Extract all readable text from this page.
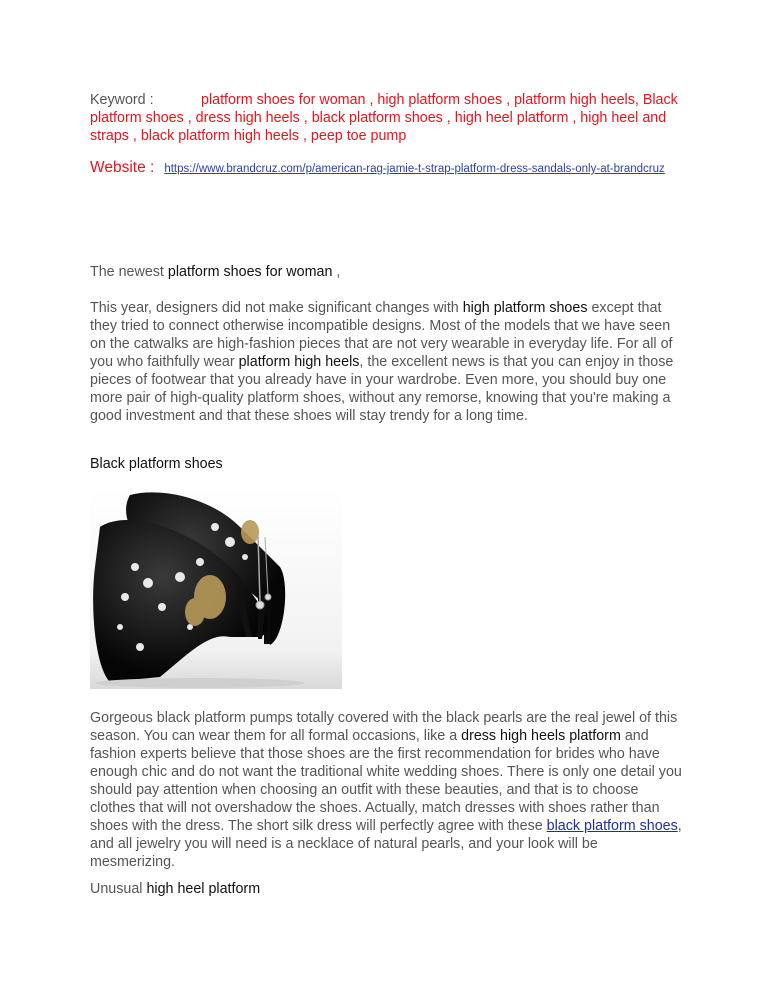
Keyword :	platform shoes for woman , high platform shoes , platform high heels, Black platform shoes , dress high heels , black platform shoes , high heel platform , high heel and straps , black platform high heels , peep toe pump
Website : https://www.brandcruz.com/p/american-rag-jamie-t-strap-platform-dress-sandals-only-at-brandcruz
The newest platform shoes for woman ,
This year, designers did not make significant changes with high platform shoes except that they tried to connect otherwise incompatible designs. Most of the models that we have seen on the catwalks are high-fashion pieces that are not very wearable in everyday life. For all of you who faithfully wear platform high heels, the excellent news is that you can enjoy in those pieces of footwear that you already have in your wardrobe. Even more, you should buy one more pair of high-quality platform shoes, without any remorse, knowing that you're making a good investment and that these shoes will stay trendy for a long time.
Black platform shoes
Gorgeous black platform pumps totally covered with the black pearls are the real jewel of this season. You can wear them for all formal occasions, like a dress high heels platform and fashion experts believe that those shoes are the first recommendation for brides who have enough chic and do not want the traditional white wedding shoes. There is only one detail you should pay attention when choosing an outfit with these beauties, and that is to choose clothes that will not overshadow the shoes. Actually, match dresses with shoes rather than shoes with the dress. The short silk dress will perfectly agree with these black platform shoes, and all jewelry you will need is a necklace of natural pearls, and your look will be mesmerizing.
Unusual high heel platform
